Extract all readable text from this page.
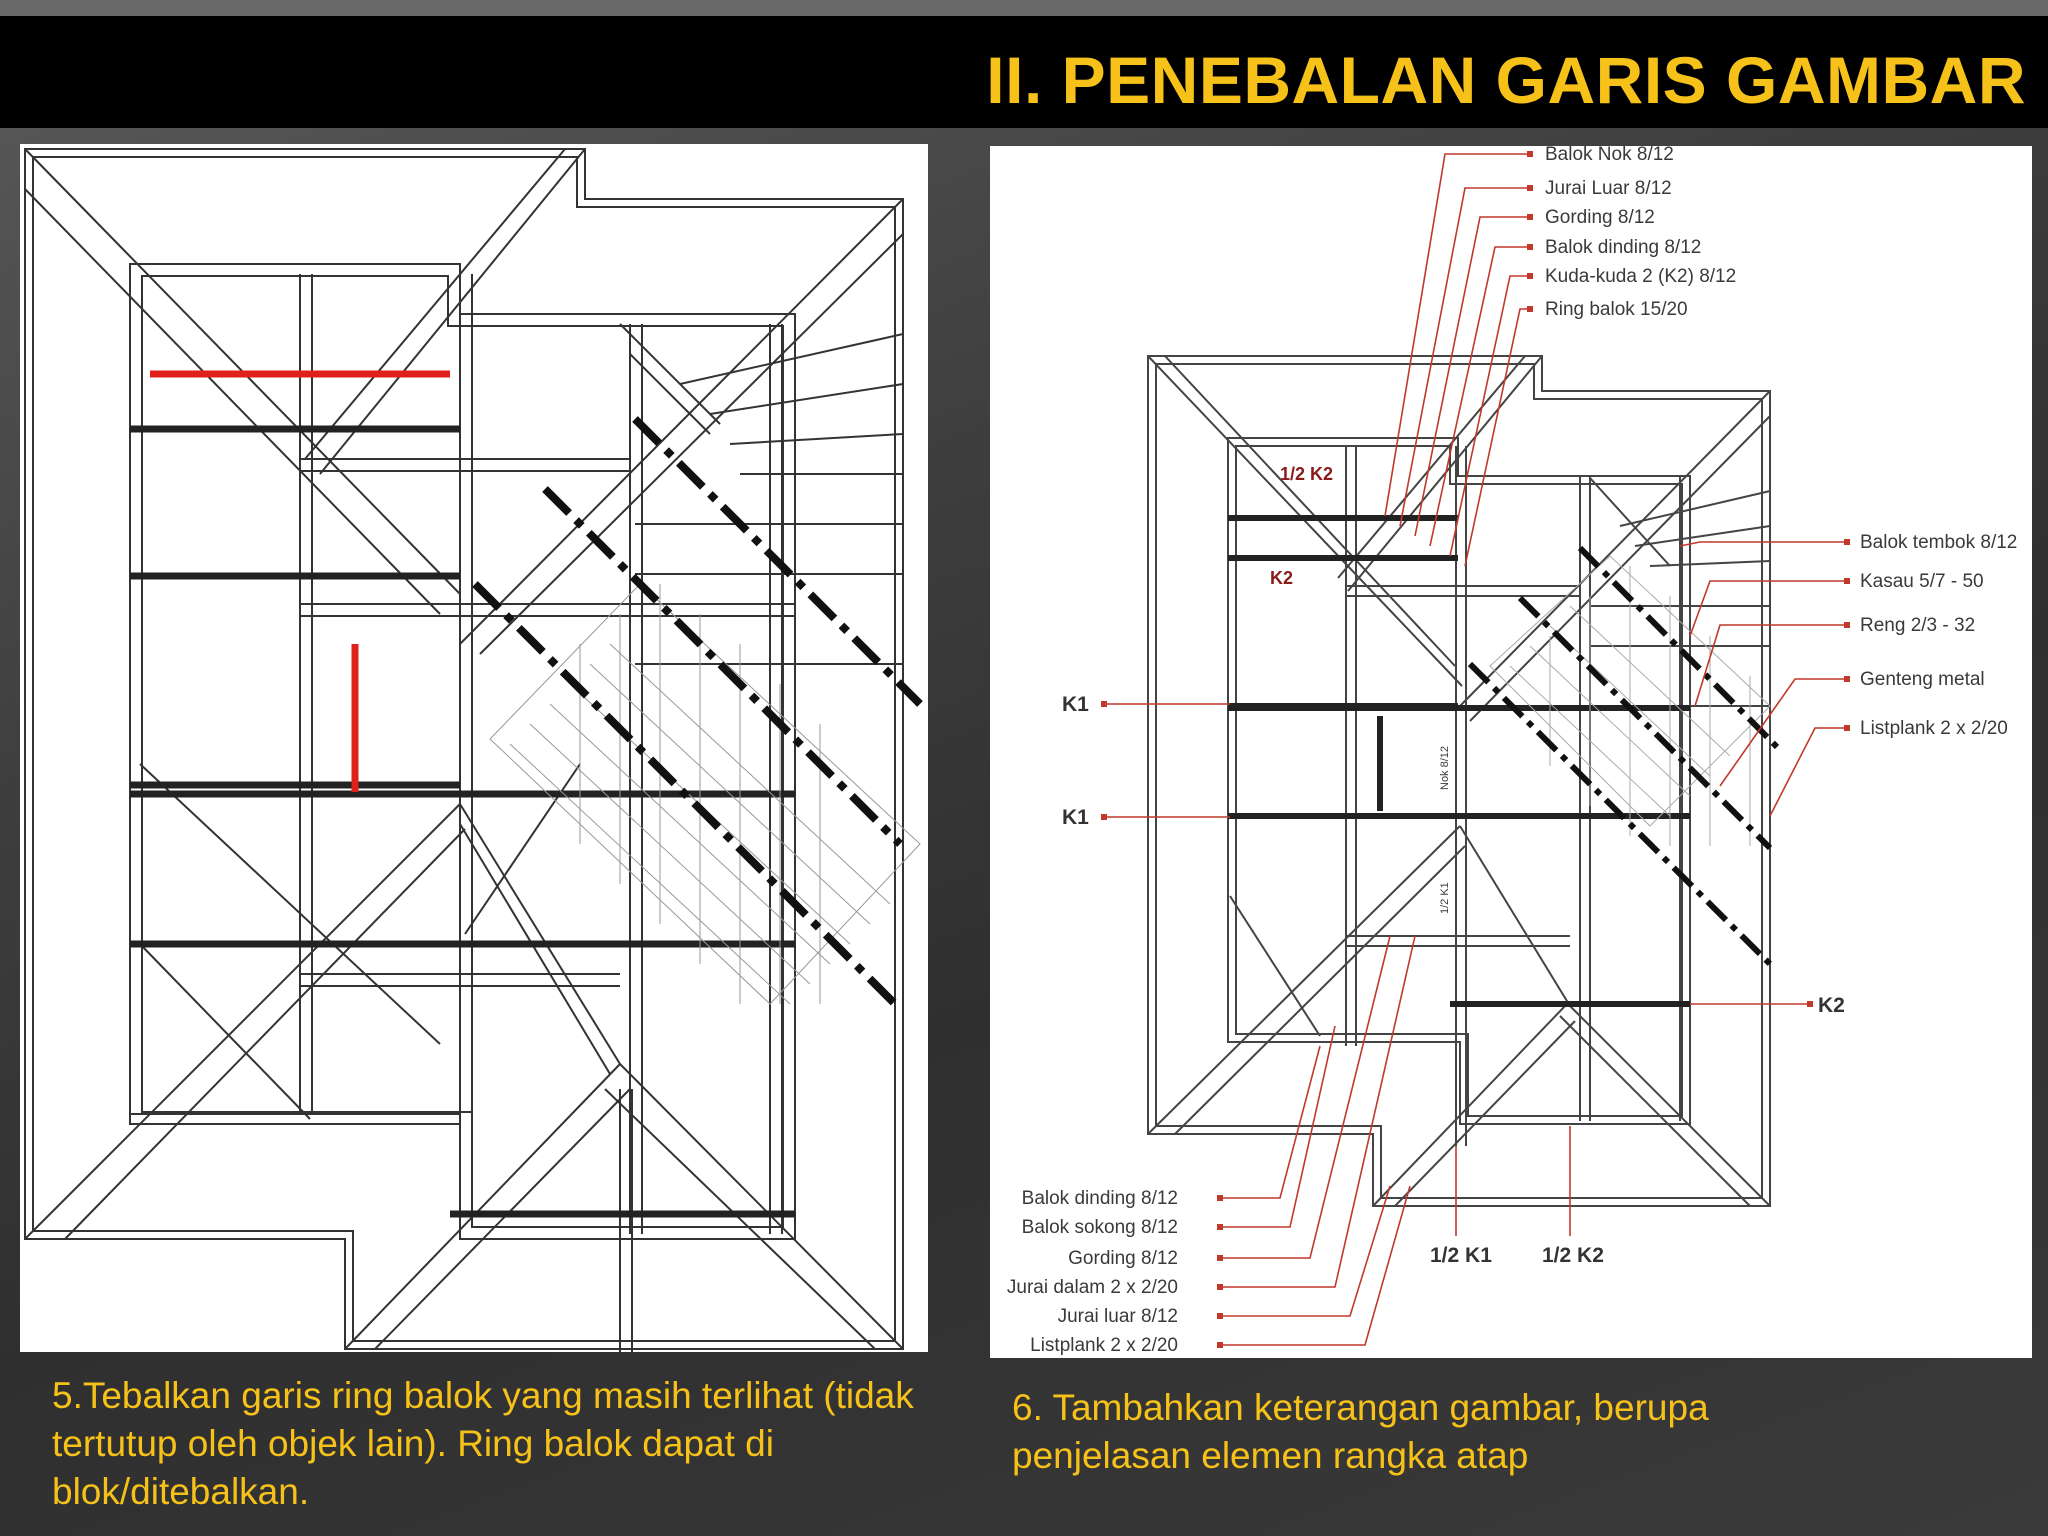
II. PENEBALAN GARIS GAMBAR
Balok Nok 8/12
Jurai Luar 8/12
Gording 8/12
Balok dinding 8/12
Kuda-kuda 2 (K2) 8/12
Ring balok 15/20
Balok tembok 8/12
Kasau 5/7 - 50
Reng 2/3 - 32
Genteng metal
Listplank 2 x 2/20
Balok dinding 8/12
Balok sokong 8/12
Gording 8/12
Jurai dalam 2 x 2/20
Jurai luar 8/12
Listplank 2 x 2/20
K1
K1
K2
1/2 K1 1/2 K2
1/2 K2
K2
Nok 8/12
1/2 K1
5.Tebalkan garis ring balok yang masih terlihat (tidak tertutup oleh objek lain). Ring balok dapat di blok/ditebalkan.
6. Tambahkan keterangan gambar, berupa penjelasan elemen rangka atap
